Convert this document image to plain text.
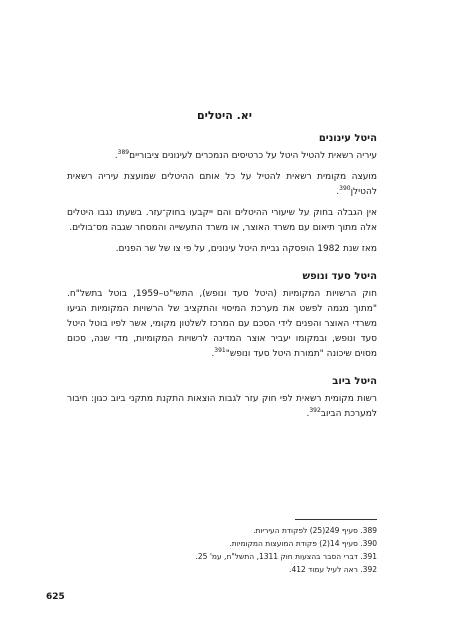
יא. היטלים
היטל עינונים

עיריה רשאית להטיל היטל על כרטיסים הנמכרים לעינונים ציבוריים$^{389}$.

מועצה מקומית רשאית להטיל על כל אותם ההיטלים שמועצת עיריה רשאית להטילן$^{390}$.

אין הגבלה בחוק על שיעורי ההיטלים והם ייקבעו בחוק־עזר. בשעתו נגבו היטלים אלה מתוך תיאום עם משרד האוצר, או משרד התעשייה והמסחר שגבה מס־בולים.

מאז שנת 1982 הופסקה גביית היטל עינונים, על פי צו של שר הפנים.

היטל סעד ונופש

חוק הרשויות המקומיות (היטל סעד ונופש), התשי"ט–1959, בוטל בתשל"ח. "מתוך מגמה לפשט את מערכת המיסוי והתקציב של הרשויות המקומיות הגיעו משרדי האוצר והפנים לידי הסכם עם המרכז לשלטון מקומי, אשר לפיו בוטל היטל סעד ונופש, ובמקומו יעביר אוצר המדינה לרשויות המקומיות, מדי שנה, סכום מסוים שיכונה "תמורת היטל סעד ונופש"$^{391}$.

היטל ביוב

רשות מקומית רשאית לפי חוק עזר לגבות הוצאות התקנת מתקני ביוב כגון: חיבור למערכת הביוב$^{392}$.

389. סעיף 249(25) לפקודת העיריות.
390. סעיף 14(2) פקודת המועצות המקומיות.
391. דברי הסבר בהצעות חוק 1311, התשל"ח, עמ' 25.
392. ראה לעיל עמוד 412.
625
